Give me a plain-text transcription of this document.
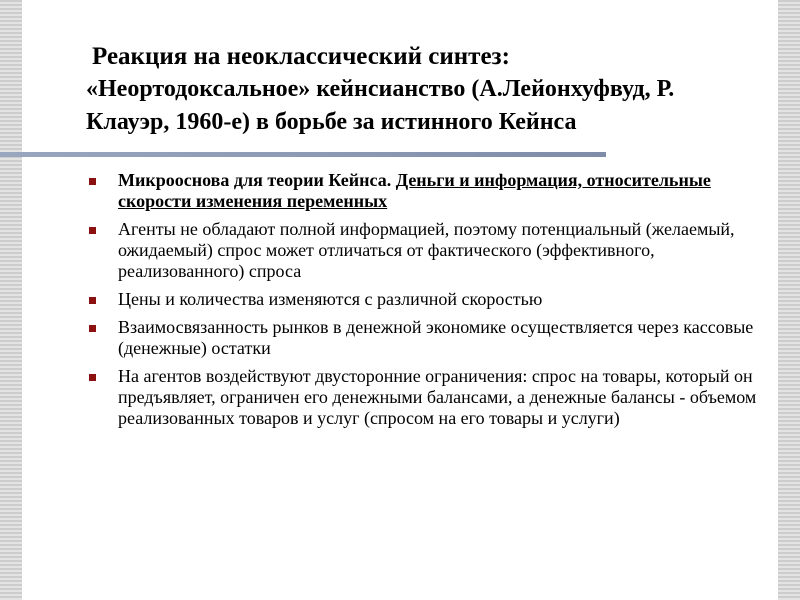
Реакция на неоклассический синтез:
«Неортодоксальное» кейнсианство (А.Лейонхуфвуд, Р.
Клауэр, 1960-е) в борьбе за истинного Кейнса
Микрооснова для теории Кейнса. Деньги и информация, относительные скорости изменения переменных
Агенты не обладают полной информацией, поэтому потенциальный (желаемый, ожидаемый) спрос может отличаться от фактического (эффективного, реализованного) спроса
Цены и количества изменяются с различной скоростью
Взаимосвязанность рынков в денежной экономике осуществляется через кассовые (денежные) остатки
На агентов воздействуют двусторонние ограничения: спрос на товары, который он предъявляет, ограничен его денежными балансами, а денежные балансы - объемом реализованных товаров и услуг (спросом на его товары и услуги)
